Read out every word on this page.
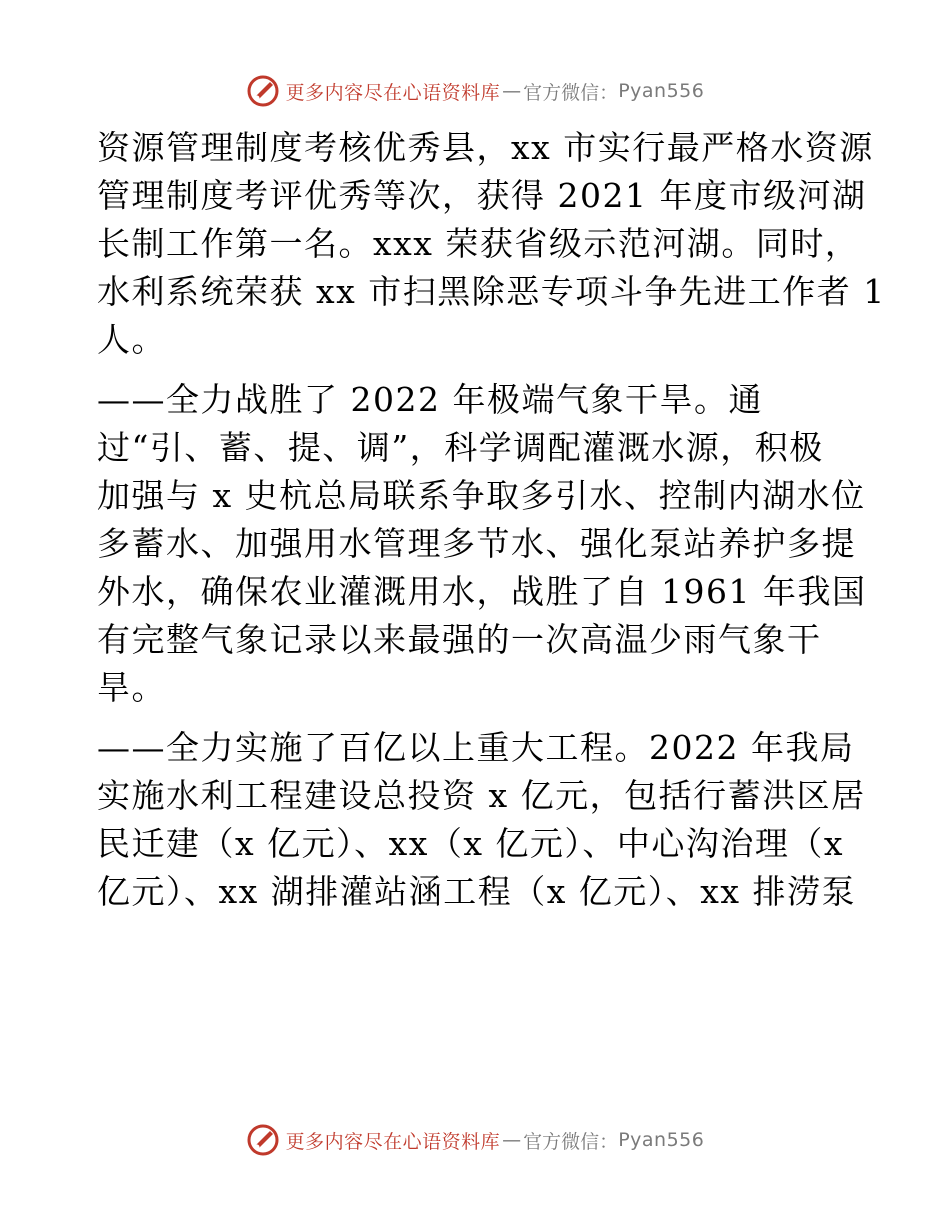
更多内容尽在心语资料库 — 官方微信： Pyan556
资源管理制度考核优秀县，xx 市实行最严格水资源
管理制度考评优秀等次，获得 2021 年度市级河湖
长制工作第一名。xxx 荣获省级示范河湖。同时，
水利系统荣获 xx 市扫黑除恶专项斗争先进工作者 1
人。
——全力战胜了 2022 年极端气象干旱。通
过“引、蓄、提、调”，科学调配灌溉水源，积极
加强与 x 史杭总局联系争取多引水、控制内湖水位
多蓄水、加强用水管理多节水、强化泵站养护多提
外水，确保农业灌溉用水，战胜了自 1961 年我国
有完整气象记录以来最强的一次高温少雨气象干
旱。
——全力实施了百亿以上重大工程。2022 年我局
实施水利工程建设总投资 x 亿元，包括行蓄洪区居
民迁建（x 亿元）、xx（x 亿元）、中心沟治理（x
亿元）、xx 湖排灌站涵工程（x 亿元）、xx 排涝泵
更多内容尽在心语资料库 — 官方微信： Pyan556
